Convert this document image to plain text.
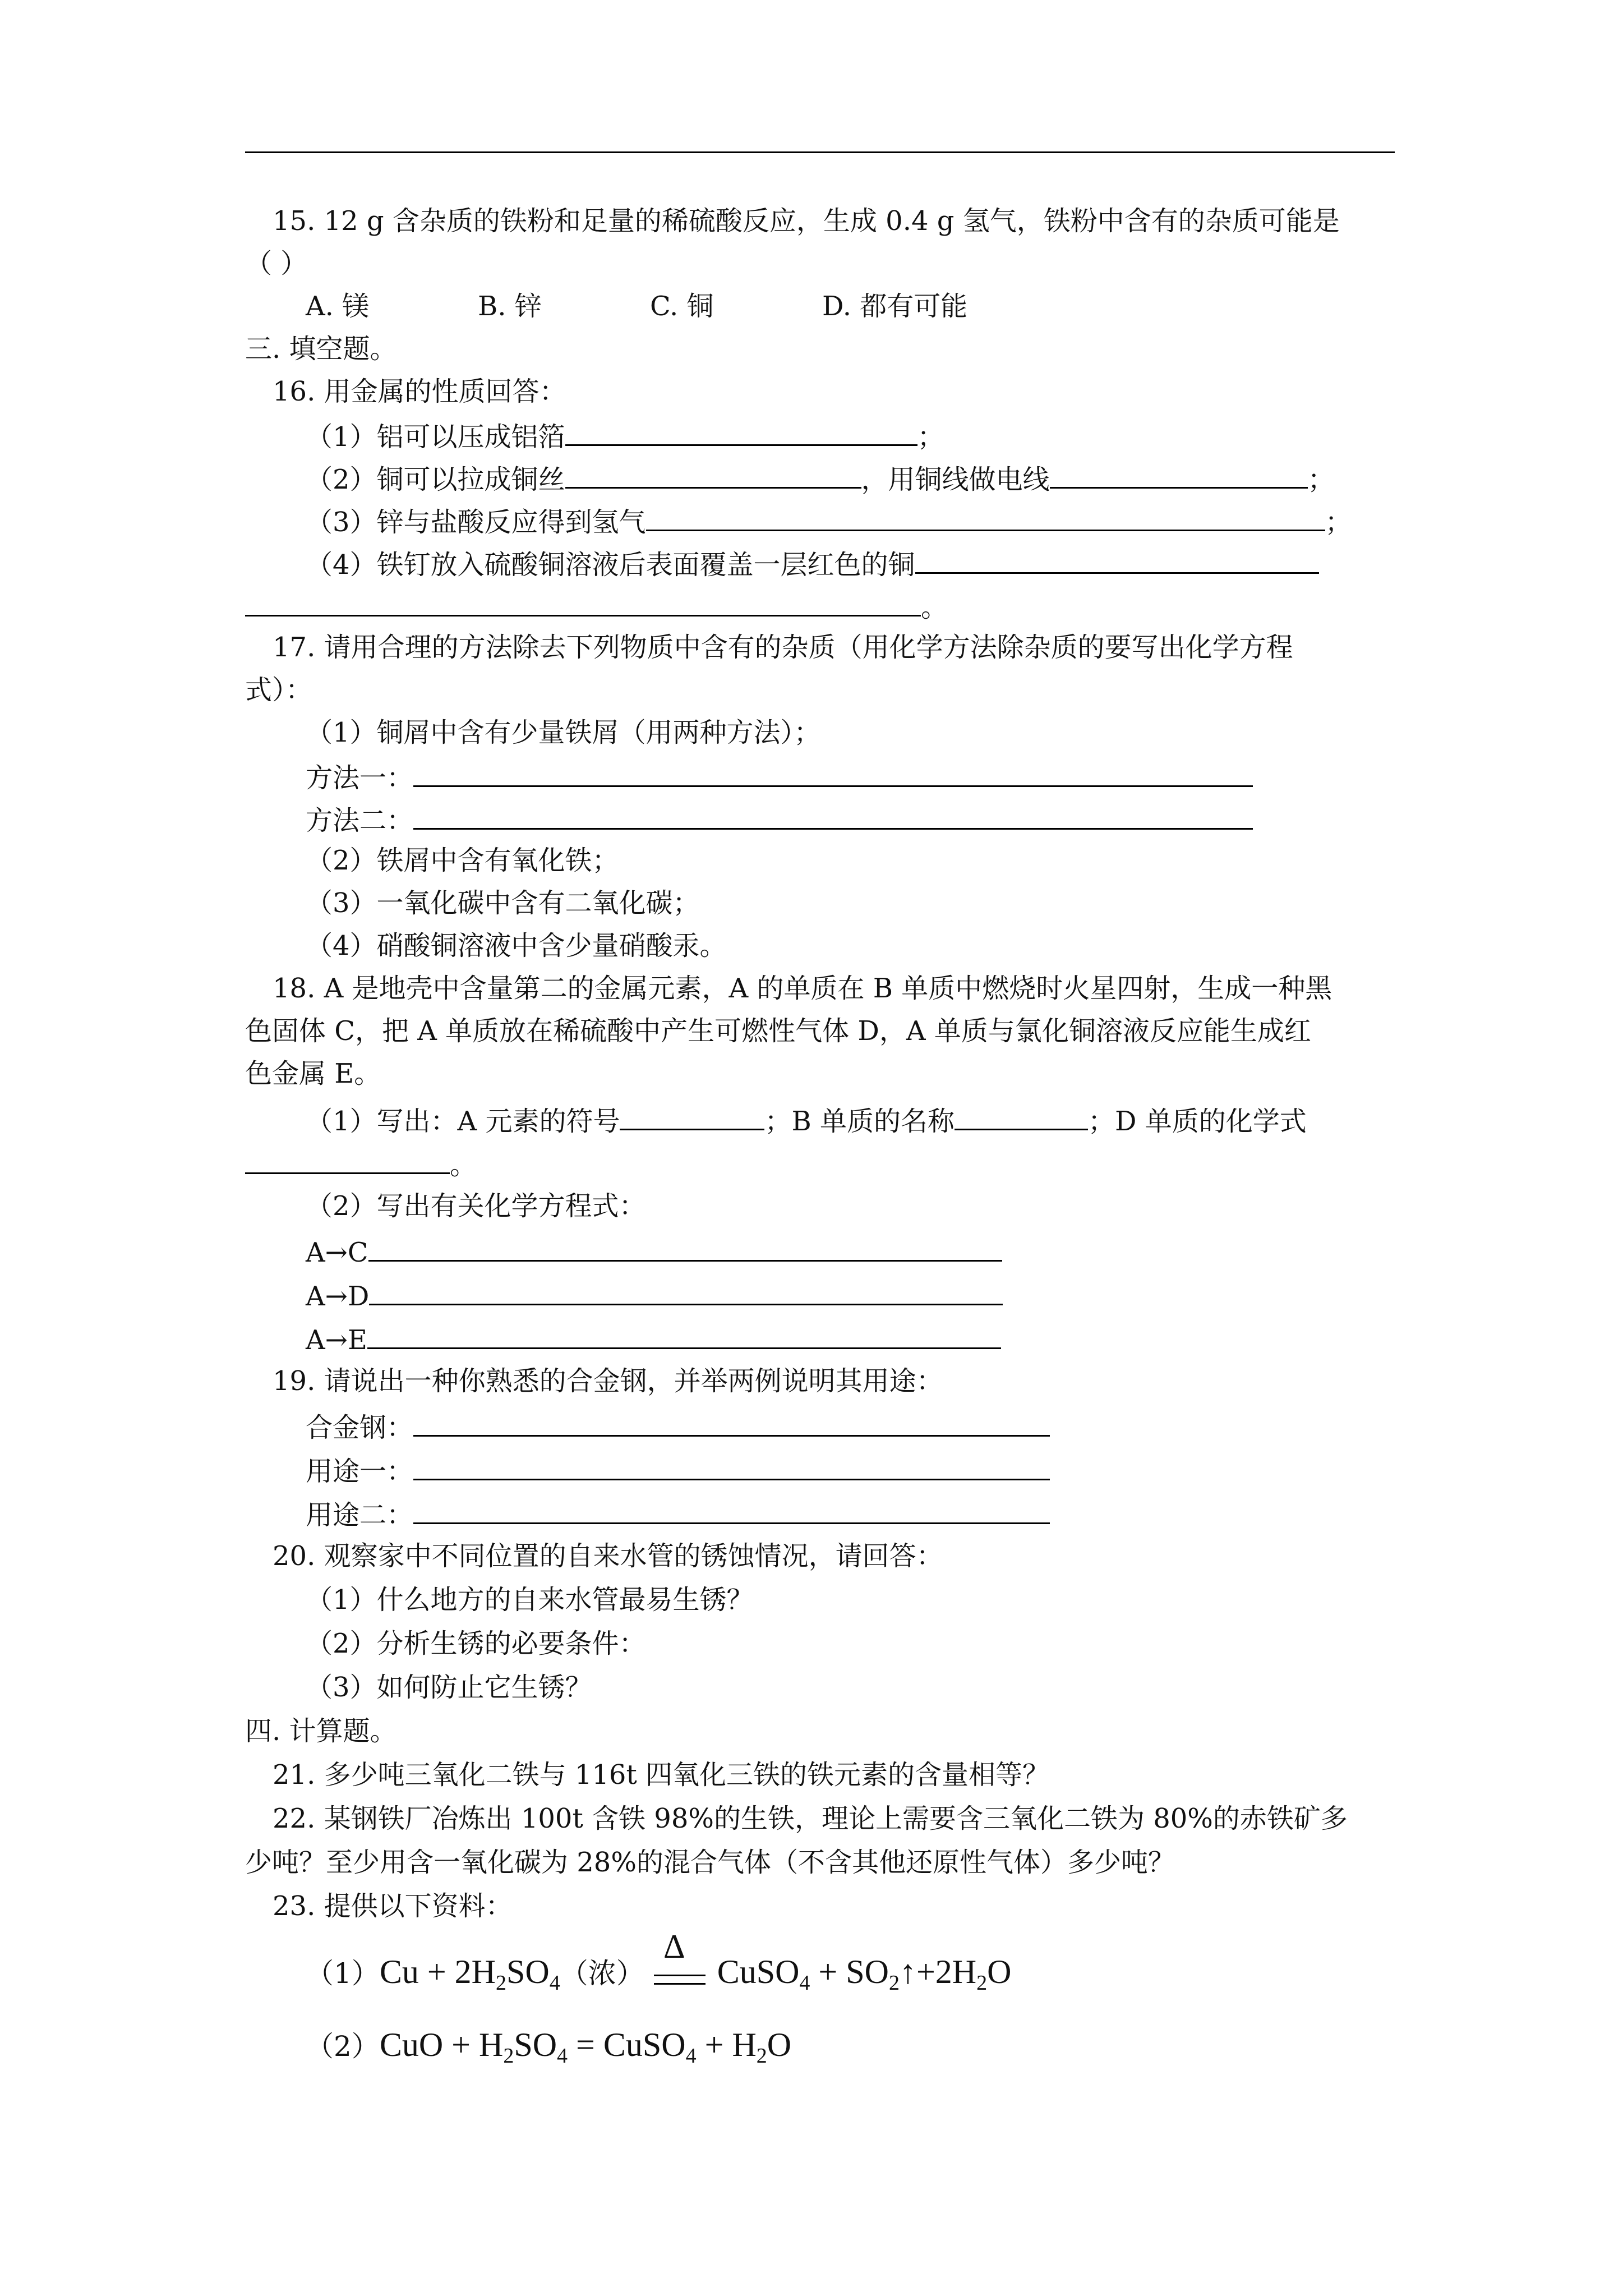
15. 12 g 含杂质的铁粉和足量的稀硫酸反应，生成 0.4 g 氢气，铁粉中含有的杂质可能是
（ ）
A. 镁	B. 锌	C. 铜	D. 都有可能
三. 填空题。
16. 用金属的性质回答：
（1）铝可以压成铝箔	；
（2）铜可以拉成铜丝	，用铜线做电线	；
（3）锌与盐酸反应得到氢气	；
（4）铁钉放入硫酸铜溶液后表面覆盖一层红色的铜
。
17. 请用合理的方法除去下列物质中含有的杂质（用化学方法除杂质的要写出化学方程
式）：
（1）铜屑中含有少量铁屑（用两种方法）；
方法一：
方法二：
（2）铁屑中含有氧化铁；
（3）一氧化碳中含有二氧化碳；
（4）硝酸铜溶液中含少量硝酸汞。
18. A 是地壳中含量第二的金属元素，A 的单质在 B 单质中燃烧时火星四射，生成一种黑
色固体 C，把 A 单质放在稀硫酸中产生可燃性气体 D，A 单质与氯化铜溶液反应能生成红
色金属 E。
（1）写出：A 元素的符号	；B 单质的名称	；D 单质的化学式
。
（2）写出有关化学方程式：
A→C
A→D
A→E
19. 请说出一种你熟悉的合金钢，并举两例说明其用途：
合金钢：
用途一：
用途二：
20. 观察家中不同位置的自来水管的锈蚀情况，请回答：
（1）什么地方的自来水管最易生锈？
（2）分析生锈的必要条件：
（3）如何防止它生锈？
四. 计算题。
21. 多少吨三氧化二铁与 116t 四氧化三铁的铁元素的含量相等？
22. 某钢铁厂冶炼出 100t 含铁 98%的生铁，理论上需要含三氧化二铁为 80%的赤铁矿多
少吨？至少用含一氧化碳为 28%的混合气体（不含其他还原性气体）多少吨？
23. 提供以下资料：
$(1)Cu + 2H_2SO_4$（浓） CuSO$_4$ + $SO_2↑+2H_2O$
Δ
$(2)CuO + H_2SO_4$ = CuSO$_4$ + $H_2O$
